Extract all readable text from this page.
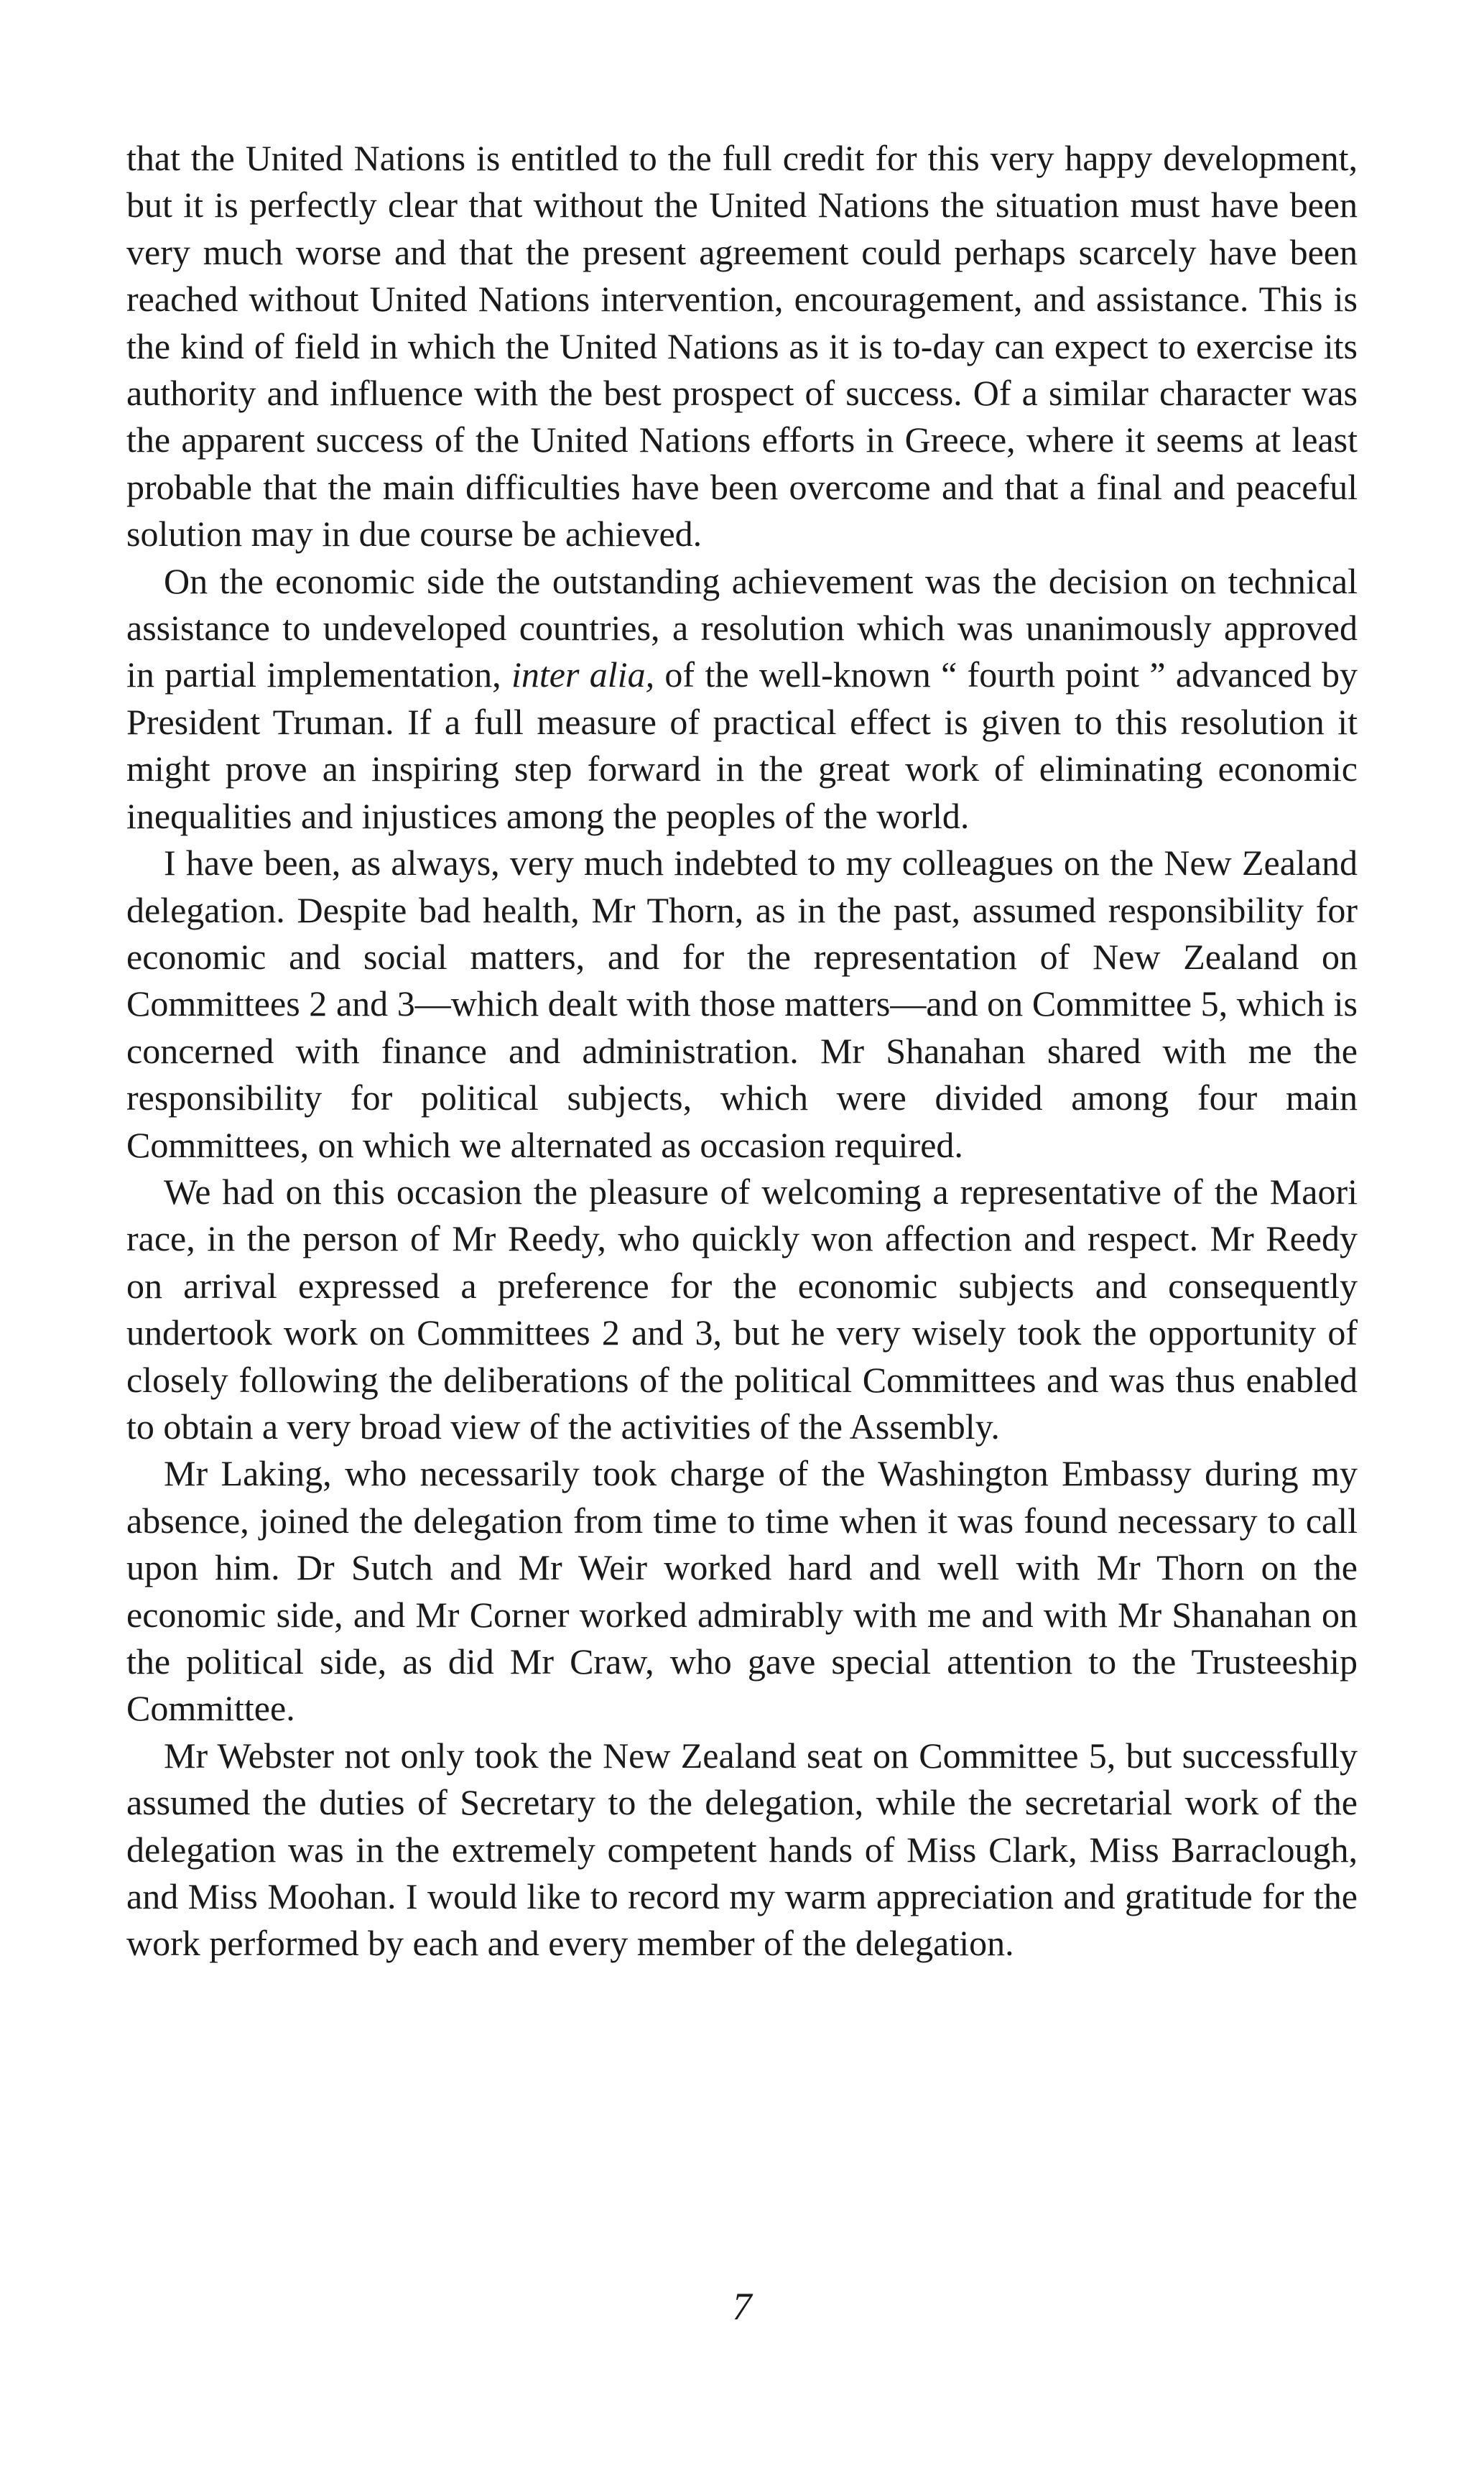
that the United Nations is entitled to the full credit for this very happy development, but it is perfectly clear that without the United Nations the situation must have been very much worse and that the present agreement could perhaps scarcely have been reached without United Nations intervention, encouragement, and assistance. This is the kind of field in which the United Nations as it is to-day can expect to exercise its authority and influence with the best prospect of success. Of a similar character was the apparent success of the United Nations efforts in Greece, where it seems at least probable that the main difficulties have been overcome and that a final and peaceful solution may in due course be achieved.

On the economic side the outstanding achievement was the decision on technical assistance to undeveloped countries, a resolution which was unanimously approved in partial implementation, inter alia, of the well-known “ fourth point ” advanced by President Truman. If a full measure of practical effect is given to this resolution it might prove an inspiring step forward in the great work of eliminating economic inequalities and injustices among the peoples of the world.

I have been, as always, very much indebted to my colleagues on the New Zealand delegation. Despite bad health, Mr Thorn, as in the past, assumed responsibility for economic and social matters, and for the representation of New Zealand on Committees 2 and 3—which dealt with those matters—and on Committee 5, which is concerned with finance and administration. Mr Shanahan shared with me the responsibility for political subjects, which were divided among four main Committees, on which we alternated as occasion required.

We had on this occasion the pleasure of welcoming a representative of the Maori race, in the person of Mr Reedy, who quickly won affection and respect. Mr Reedy on arrival expressed a preference for the economic subjects and consequently undertook work on Committees 2 and 3, but he very wisely took the opportunity of closely following the deliberations of the political Committees and was thus enabled to obtain a very broad view of the activities of the Assembly.

Mr Laking, who necessarily took charge of the Washington Embassy during my absence, joined the delegation from time to time when it was found necessary to call upon him. Dr Sutch and Mr Weir worked hard and well with Mr Thorn on the economic side, and Mr Corner worked admirably with me and with Mr Shanahan on the political side, as did Mr Craw, who gave special attention to the Trusteeship Committee.

Mr Webster not only took the New Zealand seat on Committee 5, but successfully assumed the duties of Secretary to the delegation, while the secretarial work of the delegation was in the extremely competent hands of Miss Clark, Miss Barraclough, and Miss Moohan. I would like to record my warm appreciation and gratitude for the work performed by each and every member of the delegation.

7
